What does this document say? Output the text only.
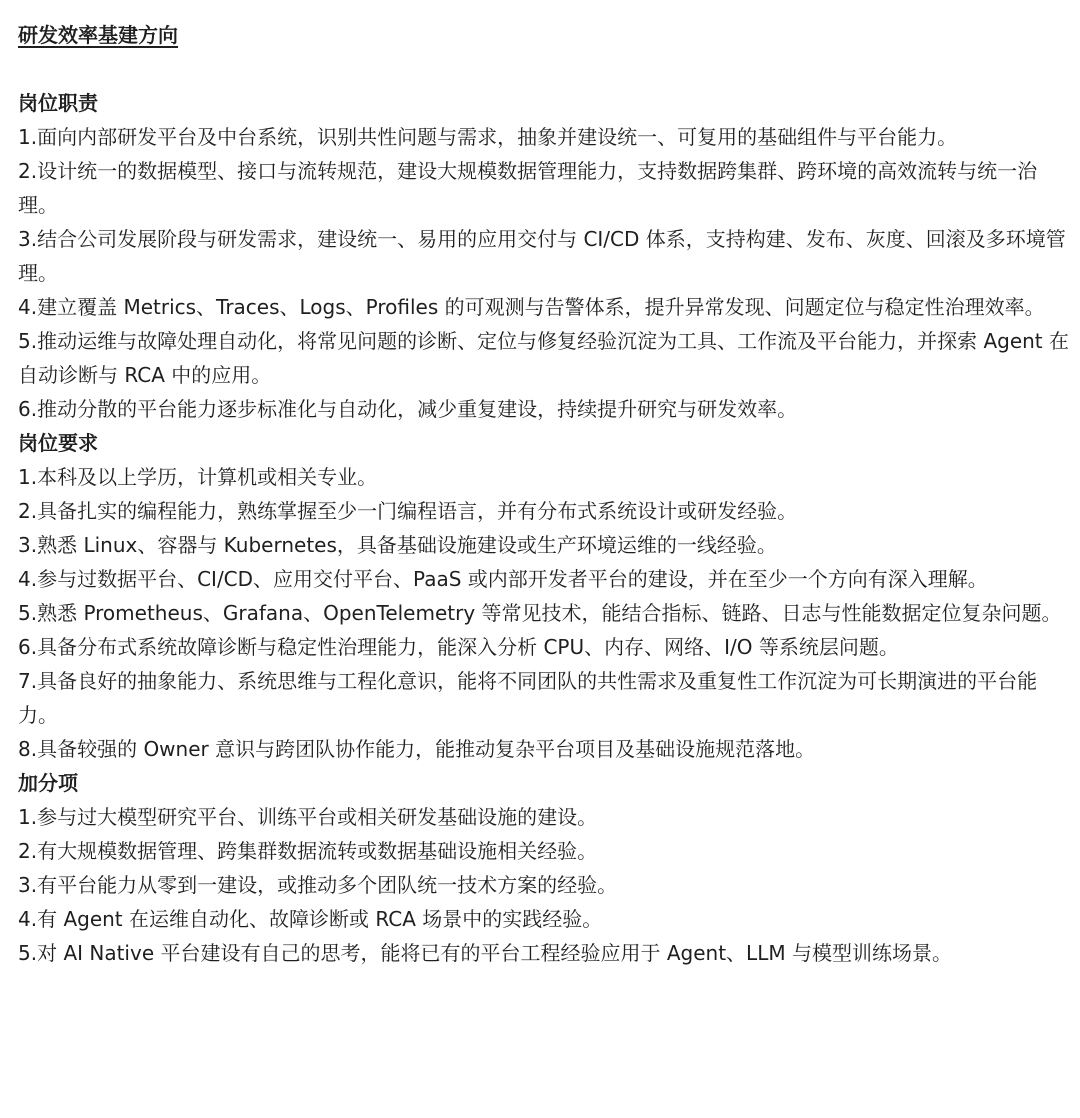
研发效率基建方向
岗位职责
1.面向内部研发平台及中台系统，识别共性问题与需求，抽象并建设统一、可复用的基础组件与平台能力。
2.设计统一的数据模型、接口与流转规范，建设大规模数据管理能力，支持数据跨集群、跨环境的高效流转与统一治理。
3.结合公司发展阶段与研发需求，建设统一、易用的应用交付与 CI/CD 体系，支持构建、发布、灰度、回滚及多环境管理。
4.建立覆盖 Metrics、Traces、Logs、Profiles 的可观测与告警体系，提升异常发现、问题定位与稳定性治理效率。
5.推动运维与故障处理自动化，将常见问题的诊断、定位与修复经验沉淀为工具、工作流及平台能力，并探索 Agent 在自动诊断与 RCA 中的应用。
6.推动分散的平台能力逐步标准化与自动化，减少重复建设，持续提升研究与研发效率。
岗位要求
1.本科及以上学历，计算机或相关专业。
2.具备扎实的编程能力，熟练掌握至少一门编程语言，并有分布式系统设计或研发经验。
3.熟悉 Linux、容器与 Kubernetes，具备基础设施建设或生产环境运维的一线经验。
4.参与过数据平台、CI/CD、应用交付平台、PaaS 或内部开发者平台的建设，并在至少一个方向有深入理解。
5.熟悉 Prometheus、Grafana、OpenTelemetry 等常见技术，能结合指标、链路、日志与性能数据定位复杂问题。
6.具备分布式系统故障诊断与稳定性治理能力，能深入分析 CPU、内存、网络、I/O 等系统层问题。
7.具备良好的抽象能力、系统思维与工程化意识，能将不同团队的共性需求及重复性工作沉淀为可长期演进的平台能力。
8.具备较强的 Owner 意识与跨团队协作能力，能推动复杂平台项目及基础设施规范落地。
加分项
1.参与过大模型研究平台、训练平台或相关研发基础设施的建设。
2.有大规模数据管理、跨集群数据流转或数据基础设施相关经验。
3.有平台能力从零到一建设，或推动多个团队统一技术方案的经验。
4.有 Agent 在运维自动化、故障诊断或 RCA 场景中的实践经验。
5.对 AI Native 平台建设有自己的思考，能将已有的平台工程经验应用于 Agent、LLM 与模型训练场景。
